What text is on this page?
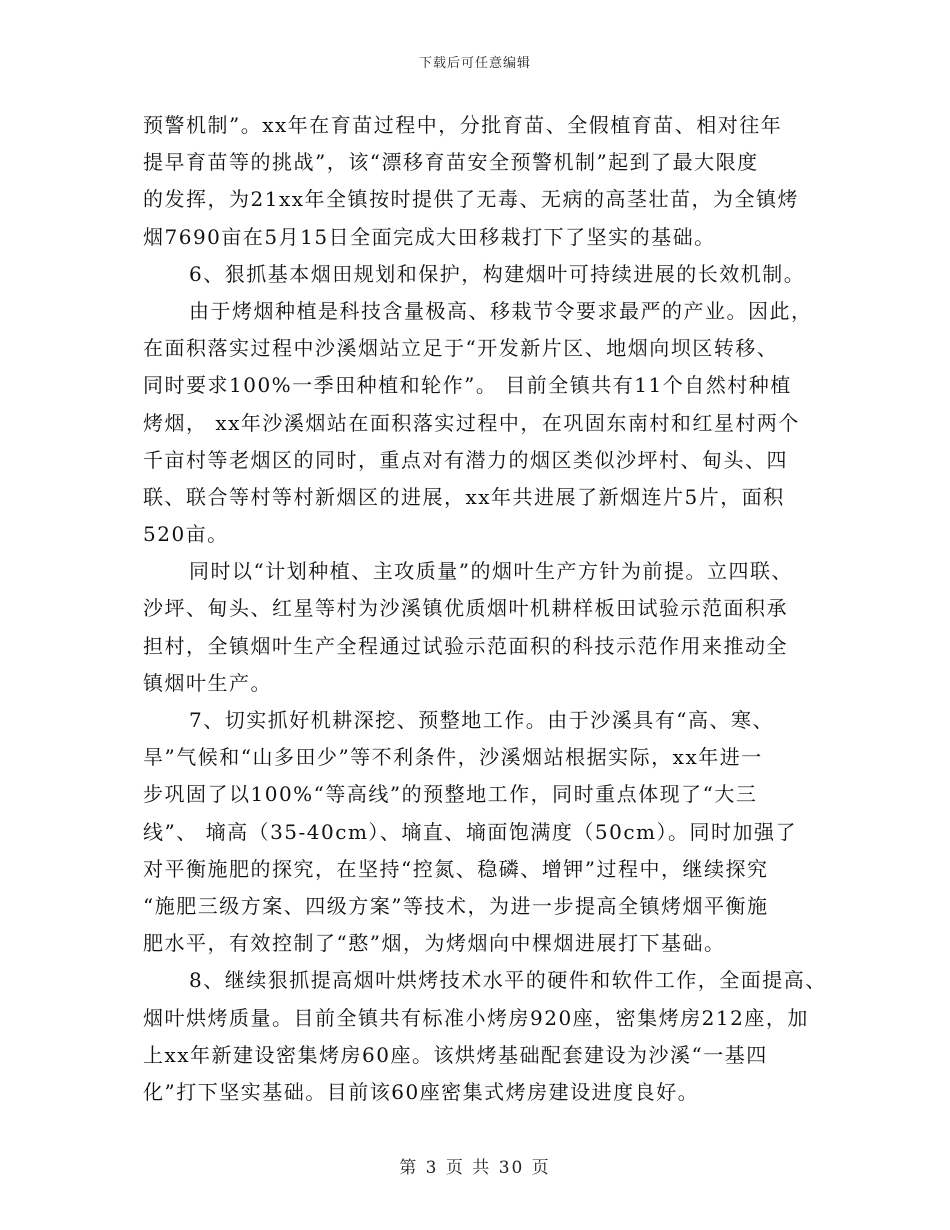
下载后可任意编辑
预警机制”。xx年在育苗过程中，分批育苗、全假植育苗、相对往年
提早育苗等的挑战”，该“漂移育苗安全预警机制”起到了最大限度
的发挥，为21xx年全镇按时提供了无毒、无病的高茎壮苗，为全镇烤
烟7690亩在5月15日全面完成大田移栽打下了坚实的基础。
6、狠抓基本烟田规划和保护，构建烟叶可持续进展的长效机制。
由于烤烟种植是科技含量极高、移栽节令要求最严的产业。因此，
在面积落实过程中沙溪烟站立足于“开发新片区、地烟向坝区转移、
同时要求100%一季田种植和轮作”。 目前全镇共有11个自然村种植
烤烟， xx年沙溪烟站在面积落实过程中，在巩固东南村和红星村两个
千亩村等老烟区的同时，重点对有潜力的烟区类似沙坪村、甸头、四
联、联合等村等村新烟区的进展，xx年共进展了新烟连片5片，面积
520亩。
同时以“计划种植、主攻质量”的烟叶生产方针为前提。立四联、
沙坪、甸头、红星等村为沙溪镇优质烟叶机耕样板田试验示范面积承
担村，全镇烟叶生产全程通过试验示范面积的科技示范作用来推动全
镇烟叶生产。
7、切实抓好机耕深挖、预整地工作。由于沙溪具有“高、寒、
旱”气候和“山多田少”等不利条件，沙溪烟站根据实际，xx年进一
步巩固了以100%“等高线”的预整地工作，同时重点体现了“大三
线”、 墒高（35-40cm）、墒直、墒面饱满度（50cm）。同时加强了
对平衡施肥的探究，在坚持“控氮、稳磷、增钾”过程中，继续探究
“施肥三级方案、四级方案”等技术，为进一步提高全镇烤烟平衡施
肥水平，有效控制了“憨”烟，为烤烟向中棵烟进展打下基础。
8、继续狠抓提高烟叶烘烤技术水平的硬件和软件工作，全面提高、
烟叶烘烤质量。目前全镇共有标准小烤房920座，密集烤房212座，加
上xx年新建设密集烤房60座。该烘烤基础配套建设为沙溪“一基四
化”打下坚实基础。目前该60座密集式烤房建设进度良好。
第 3 页 共 30 页
